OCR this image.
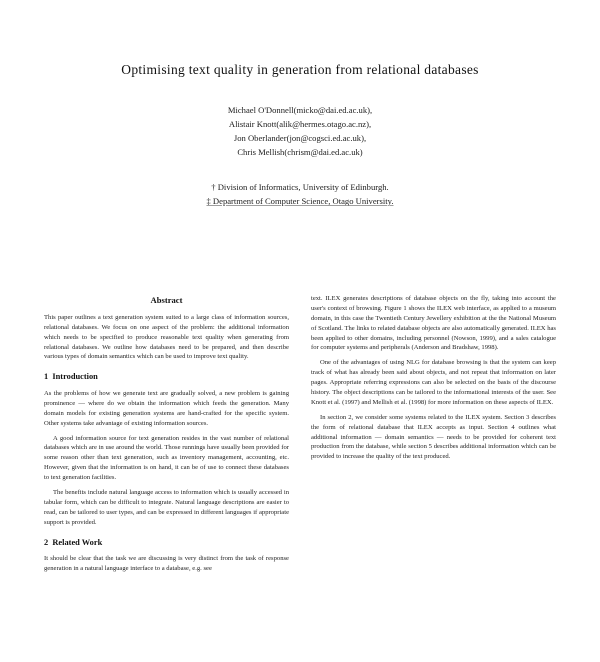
Optimising text quality in generation from relational databases
Michael O'Donnell(micko@dai.ed.ac.uk),
Alistair Knott(alik@hermes.otago.ac.nz),
Jon Oberlander(jon@cogsci.ed.ac.uk),
Chris Mellish(chrism@dai.ed.ac.uk)
† Division of Informatics, University of Edinburgh.
‡ Department of Computer Science, Otago University.
Abstract

This paper outlines a text generation system suited to a large class of information sources, relational databases. We focus on one aspect of the problem: the additional information which needs to be specified to produce reasonable text quality when generating from relational databases. We outline how databases need to be prepared, and then describe various types of domain semantics which can be used to improve text quality.

1 Introduction

As the problems of how we generate text are gradually solved, a new problem is gaining prominence — where do we obtain the information which feeds the generation. Many domain models for existing generation systems are hand-crafted for the specific system. Other systems take advantage of existing information sources.

A good information source for text generation resides in the vast number of relational databases which are in use around the world. Those runnings have usually been provided for some reason other than text generation, such as inventory management, accounting, etc. However, given that the information is on hand, it can be of use to connect these databases to text generation facilities.

The benefits include natural language access to information which is usually accessed in tabular form, which can be difficult to integrate. Natural language descriptions are easier to read, can be tailored to user types, and can be expressed in different languages if appropriate support is provided.

2 Related Work

It should be clear that the task we are discussing is very distinct from the task of response generation in a natural language interface to a database, e.g. see

text. ILEX generates descriptions of database objects on the fly, taking into account the user's context of browsing. Figure 1 shows the ILEX web interface, as applied to a museum domain, in this case the Twentieth Century Jewellery exhibition at the the National Museum of Scotland. The links to related database objects are also automatically generated. ILEX has been applied to other domains, including personnel (Nowson, 1999), and a sales catalogue for computer systems and peripherals (Anderson and Bradshaw, 1998).

One of the advantages of using NLG for database browsing is that the system can keep track of what has already been said about objects, and not repeat that information on later pages. Appropriate referring expressions can also be selected on the basis of the discourse history. The object descriptions can be tailored to the informational interests of the user. See Knott et al. (1997) and Mellish et al. (1998) for more information on these aspects of ILEX.

In section 2, we consider some systems related to the ILEX system. Section 3 describes the form of relational database that ILEX accepts as input. Section 4 outlines what additional information — domain semantics — needs to be provided for coherent text production from the database, while section 5 describes additional information which can be provided to increase the quality of the text produced.
